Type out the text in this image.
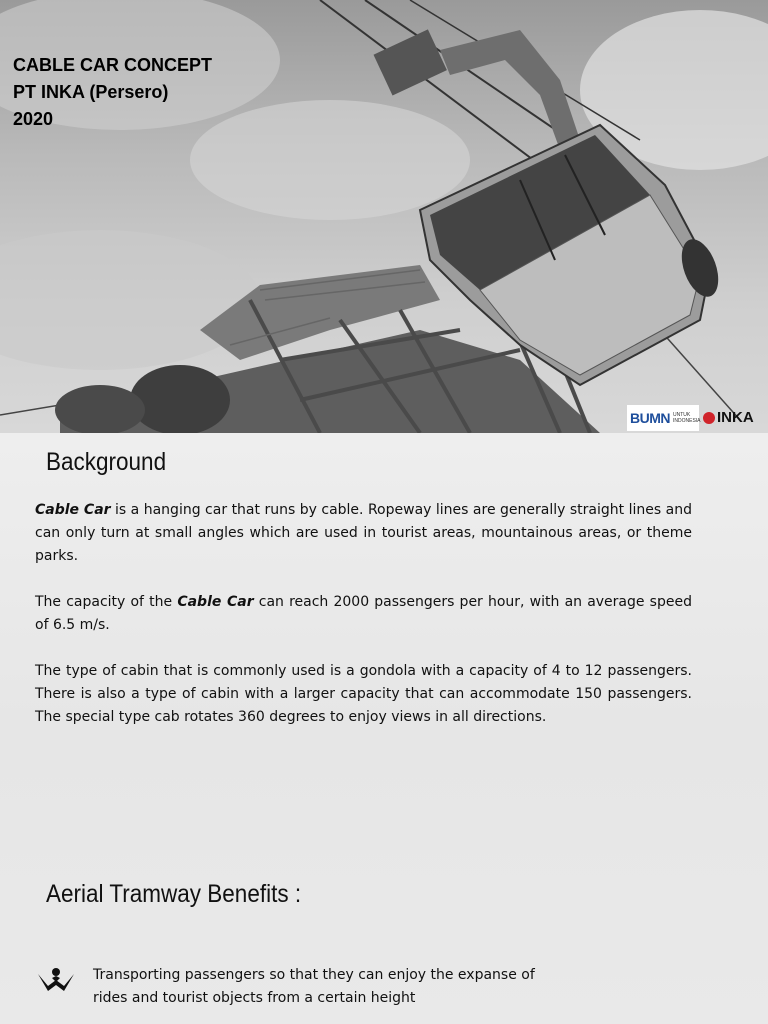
CABLE CAR CONCEPT
PT INKA (Persero)
2020
BUMN UNTUK INDONESIA INKA
Background

Cable Car is a hanging car that runs by cable. Ropeway lines are generally straight lines and can only turn at small angles which are used in tourist areas, mountainous areas, or theme parks.

The capacity of the Cable Car can reach 2000 passengers per hour, with an average speed of 6.5 m/s.

The type of cabin that is commonly used is a gondola with a capacity of 4 to 12 passengers. There is also a type of cabin with a larger capacity that can accommodate 150 passengers. The special type cab rotates 360 degrees to enjoy views in all directions.

Aerial Tramway Benefits :

Transporting passengers so that they can enjoy the expanse of rides and tourist objects from a certain height
